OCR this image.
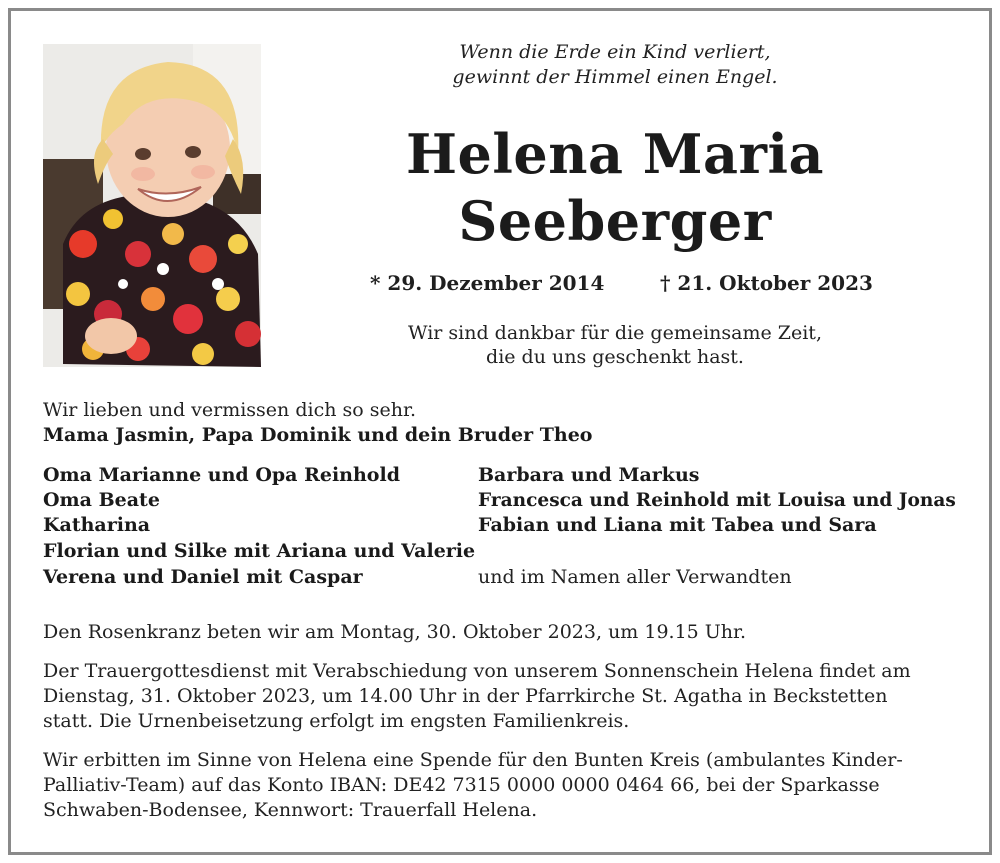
Wenn die Erde ein Kind verliert,
gewinnt der Himmel einen Engel.
Helena Maria
Seeberger
* 29. Dezember 2014	† 21. Oktober 2023
Wir sind dankbar für die gemeinsame Zeit,
die du uns geschenkt hast.
Wir lieben und vermissen dich so sehr.
Mama Jasmin, Papa Dominik und dein Bruder Theo
Oma Marianne und Opa Reinhold
Oma Beate
Katharina
Florian und Silke mit Ariana und Valerie
Verena und Daniel mit Caspar
Barbara und Markus
Francesca und Reinhold mit Louisa und Jonas
Fabian und Liana mit Tabea und Sara
und im Namen aller Verwandten
Den Rosenkranz beten wir am Montag, 30. Oktober 2023, um 19.15 Uhr.
Der Trauergottesdienst mit Verabschiedung von unserem Sonnenschein Helena findet am
Dienstag, 31. Oktober 2023, um 14.00 Uhr in der Pfarrkirche St. Agatha in Beckstetten
statt. Die Urnenbeisetzung erfolgt im engsten Familienkreis.
Wir erbitten im Sinne von Helena eine Spende für den Bunten Kreis (ambulantes Kinder-
Palliativ-Team) auf das Konto IBAN: DE42 7315 0000 0000 0464 66, bei der Sparkasse
Schwaben-Bodensee, Kennwort: Trauerfall Helena.
